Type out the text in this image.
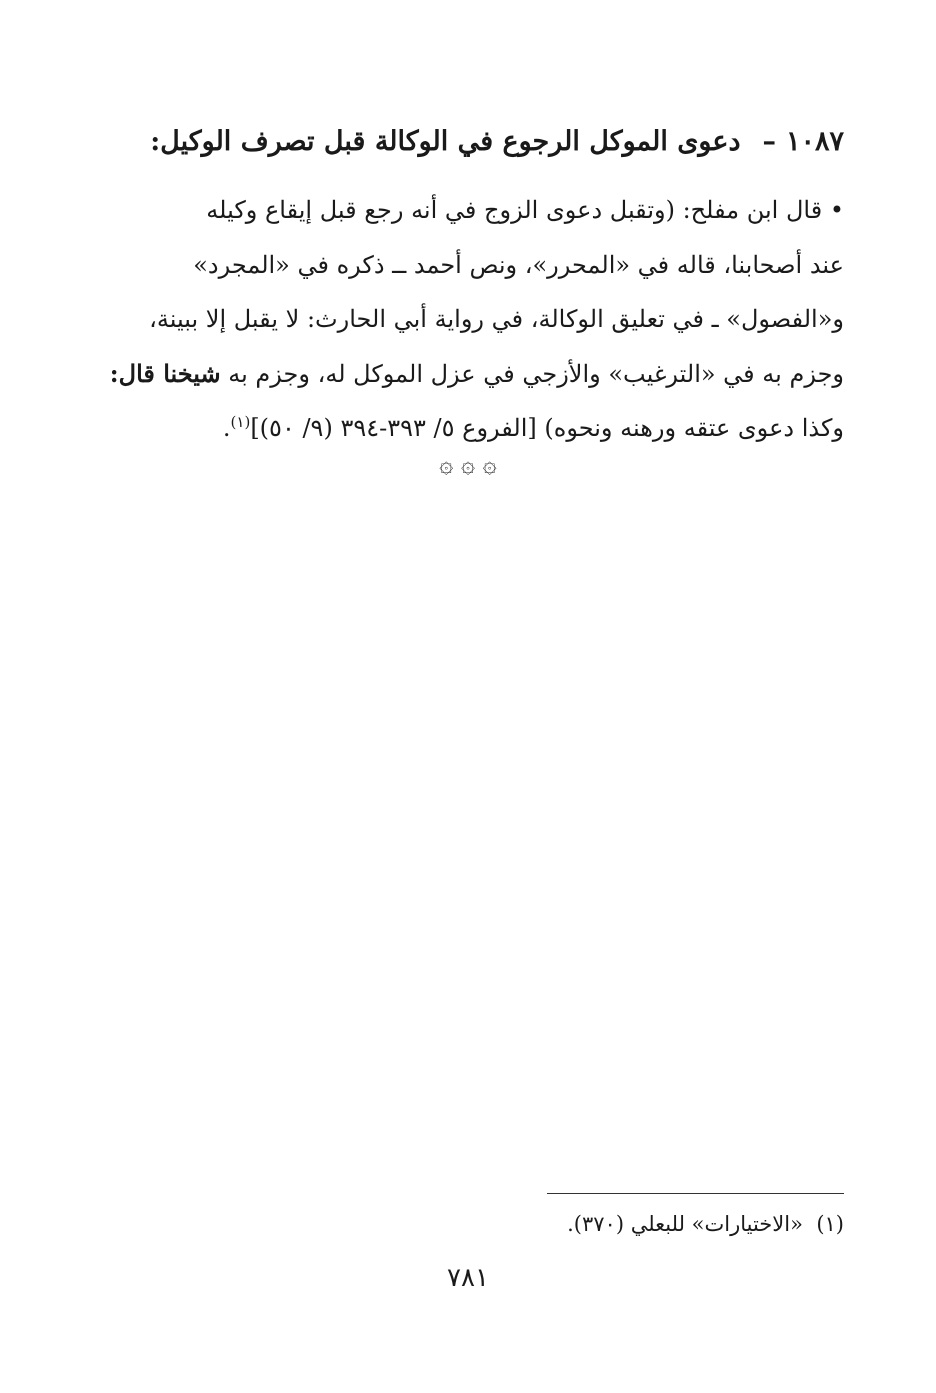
١٠٨٧–دعوى الموكل الرجوع في الوكالة قبل تصرف الوكيل:

• قال ابن مفلح: (وتقبل دعوى الزوج في أنه رجع قبل إيقاع وكيله

عند أصحابنا، قاله في «المحرر»، ونص أحمد ــ ذكره في «المجرد»

و«الفصول» ـ في تعليق الوكالة، في رواية أبي الحارث: لا يقبل إلا ببينة،

وجزم به في «الترغيب» والأزجي في عزل الموكل له، وجزم به شيخنا قال:

وكذا دعوى عتقه ورهنه ونحوه) [الفروع ٥/ ٣٩٣-٣٩٤ (٩/ ٥٠)]$^{(١)}$.

۞ ۞ ۞
(١)  «الاختيارات» للبعلي (٣٧٠).
٧٨١
